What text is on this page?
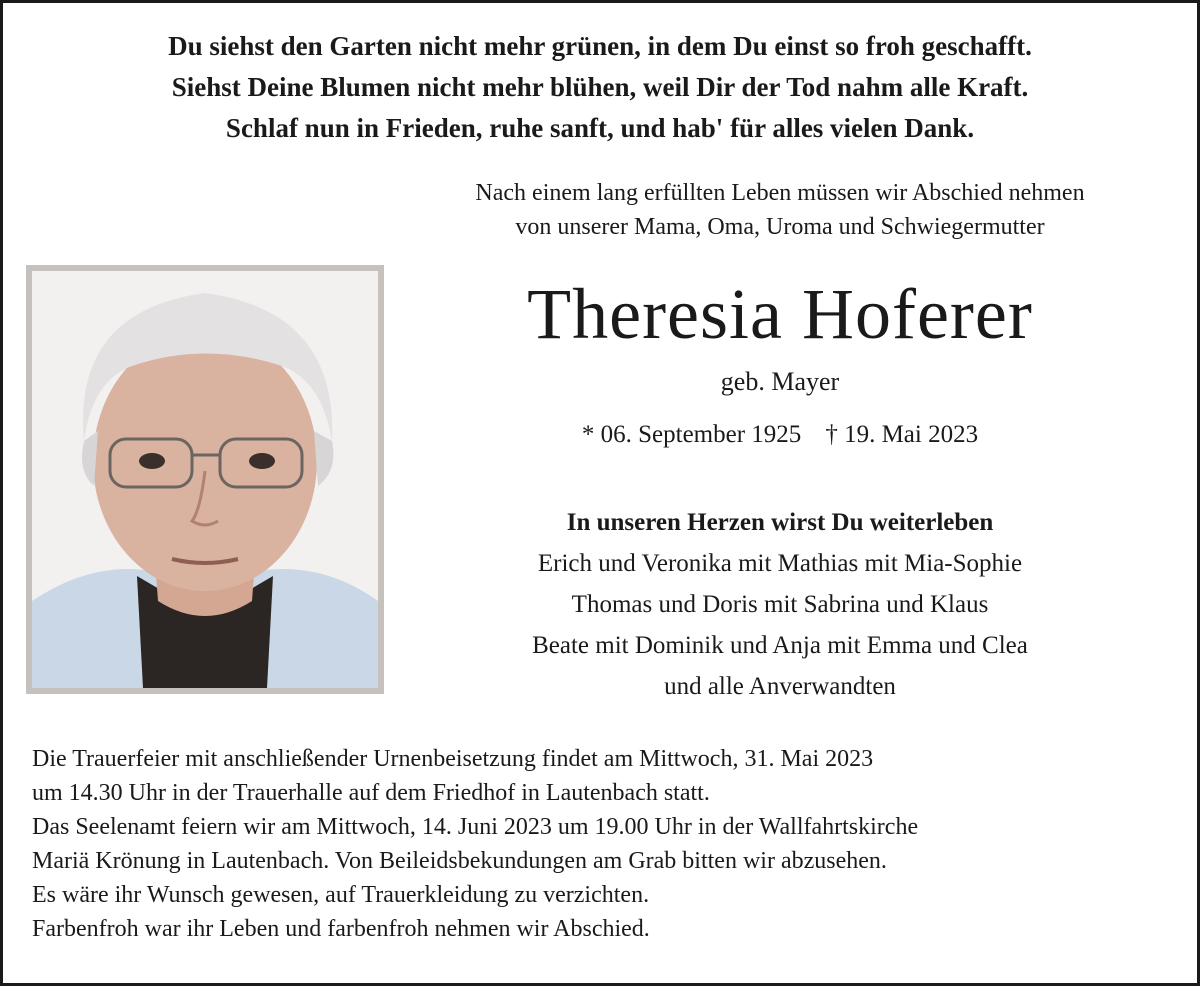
Du siehst den Garten nicht mehr grünen, in dem Du einst so froh geschafft.
Siehst Deine Blumen nicht mehr blühen, weil Dir der Tod nahm alle Kraft.
Schlaf nun in Frieden, ruhe sanft, und hab' für alles vielen Dank.
Nach einem lang erfüllten Leben müssen wir Abschied nehmen
von unserer Mama, Oma, Uroma und Schwiegermutter
Theresia Hoferer
geb. Mayer
* 06. September 1925 † 19. Mai 2023
In unseren Herzen wirst Du weiterleben
Erich und Veronika mit Mathias mit Mia-Sophie
Thomas und Doris mit Sabrina und Klaus
Beate mit Dominik und Anja mit Emma und Clea
und alle Anverwandten
Die Trauerfeier mit anschließender Urnenbeisetzung findet am Mittwoch, 31. Mai 2023
um 14.30 Uhr in der Trauerhalle auf dem Friedhof in Lautenbach statt.
Das Seelenamt feiern wir am Mittwoch, 14. Juni 2023 um 19.00 Uhr in der Wallfahrtskirche
Mariä Krönung in Lautenbach. Von Beileidsbekundungen am Grab bitten wir abzusehen.
Es wäre ihr Wunsch gewesen, auf Trauerkleidung zu verzichten.
Farbenfroh war ihr Leben und farbenfroh nehmen wir Abschied.
